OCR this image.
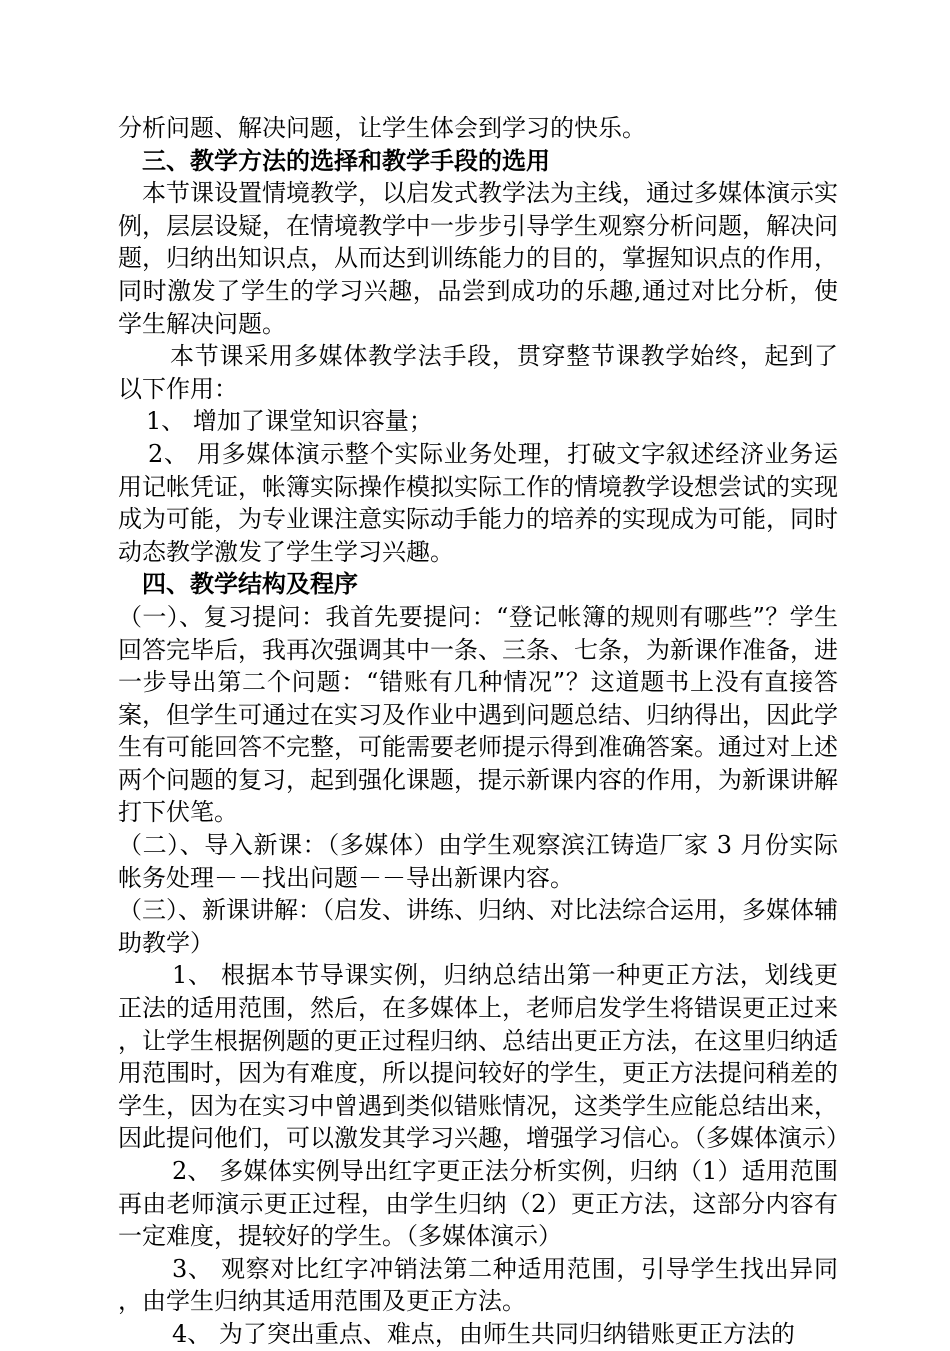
分析问题、解决问题，让学生体会到学习的快乐。

三、教学方法的选择和教学手段的选用

本节课设置情境教学，以启发式教学法为主线，通过多媒体演示实例，层层设疑，在情境教学中一步步引导学生观察分析问题，解决问题，归纳出知识点，从而达到训练能力的目的，掌握知识点的作用，同时激发了学生的学习兴趣，品尝到成功的乐趣,通过对比分析，使学生解决问题。

本节课采用多媒体教学法手段，贯穿整节课教学始终，起到了以下作用：

1、 增加了课堂知识容量；

2、 用多媒体演示整个实际业务处理，打破文字叙述经济业务运用记帐凭证，帐簿实际操作模拟实际工作的情境教学设想尝试的实现成为可能，为专业课注意实际动手能力的培养的实现成为可能，同时动态教学激发了学生学习兴趣。

四、教学结构及程序

（一）、复习提问：我首先要提问：“登记帐簿的规则有哪些”？学生回答完毕后，我再次强调其中一条、三条、七条，为新课作准备，进一步导出第二个问题：“错账有几种情况”？这道题书上没有直接答案，但学生可通过在实习及作业中遇到问题总结、归纳得出，因此学生有可能回答不完整，可能需要老师提示得到准确答案。通过对上述两个问题的复习，起到强化课题，提示新课内容的作用，为新课讲解打下伏笔。

（二）、导入新课：（多媒体）由学生观察滨江铸造厂家 3 月份实际帐务处理－－找出问题－－导出新课内容。

（三）、新课讲解：（启发、讲练、归纳、对比法综合运用，多媒体辅助教学）

1、 根据本节导课实例，归纳总结出第一种更正方法，划线更正法的适用范围，然后，在多媒体上，老师启发学生将错误更正过来，让学生根据例题的更正过程归纳、总结出更正方法，在这里归纳适用范围时，因为有难度，所以提问较好的学生，更正方法提问稍差的学生，因为在实习中曾遇到类似错账情况，这类学生应能总结出来，因此提问他们，可以激发其学习兴趣，增强学习信心。（多媒体演示）

2、 多媒体实例导出红字更正法分析实例，归纳（1）适用范围 再由老师演示更正过程，由学生归纳（2）更正方法，这部分内容有一定难度，提较好的学生。（多媒体演示）

3、 观察对比红字冲销法第二种适用范围，引导学生找出异同，由学生归纳其适用范围及更正方法。

4、 为了突出重点、难点，由师生共同归纳错账更正方法的
